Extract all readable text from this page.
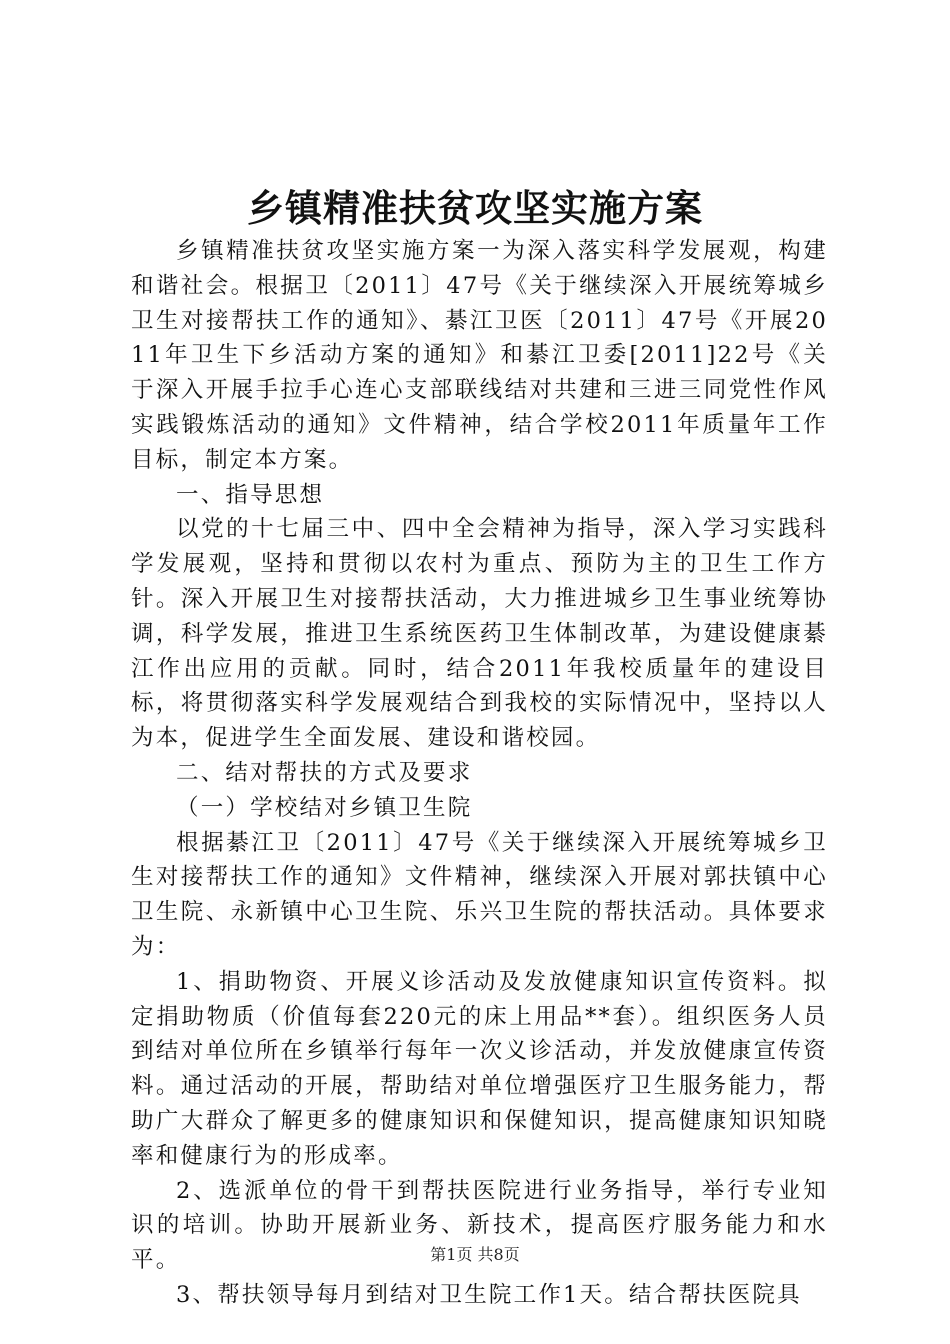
乡镇精准扶贫攻坚实施方案

乡镇精准扶贫攻坚实施方案一为深入落实科学发展观，构建和谐社会。根据卫〔2011〕47号《关于继续深入开展统筹城乡卫生对接帮扶工作的通知》、綦江卫医〔2011〕47号《开展2011年卫生下乡活动方案的通知》和綦江卫委[2011]22号《关于深入开展手拉手心连心支部联线结对共建和三进三同党性作风实践锻炼活动的通知》文件精神，结合学校2011年质量年工作目标，制定本方案。

一、指导思想

以党的十七届三中、四中全会精神为指导，深入学习实践科学发展观，坚持和贯彻以农村为重点、预防为主的卫生工作方针。深入开展卫生对接帮扶活动，大力推进城乡卫生事业统筹协调，科学发展，推进卫生系统医药卫生体制改革，为建设健康綦江作出应用的贡献。同时，结合2011年我校质量年的建设目标，将贯彻落实科学发展观结合到我校的实际情况中，坚持以人为本，促进学生全面发展、建设和谐校园。

二、结对帮扶的方式及要求

（一）学校结对乡镇卫生院

根据綦江卫〔2011〕47号《关于继续深入开展统筹城乡卫生对接帮扶工作的通知》文件精神，继续深入开展对郭扶镇中心卫生院、永新镇中心卫生院、乐兴卫生院的帮扶活动。具体要求为：

1、捐助物资、开展义诊活动及发放健康知识宣传资料。拟定捐助物质（价值每套220元的床上用品**套）。组织医务人员到结对单位所在乡镇举行每年一次义诊活动，并发放健康宣传资料。通过活动的开展，帮助结对单位增强医疗卫生服务能力，帮助广大群众了解更多的健康知识和保健知识，提高健康知识知晓率和健康行为的形成率。

2、选派单位的骨干到帮扶医院进行业务指导，举行专业知识的培训。协助开展新业务、新技术，提高医疗服务能力和水平。

3、帮扶领导每月到结对卫生院工作1天。结合帮扶医院具

第1页 共8页
